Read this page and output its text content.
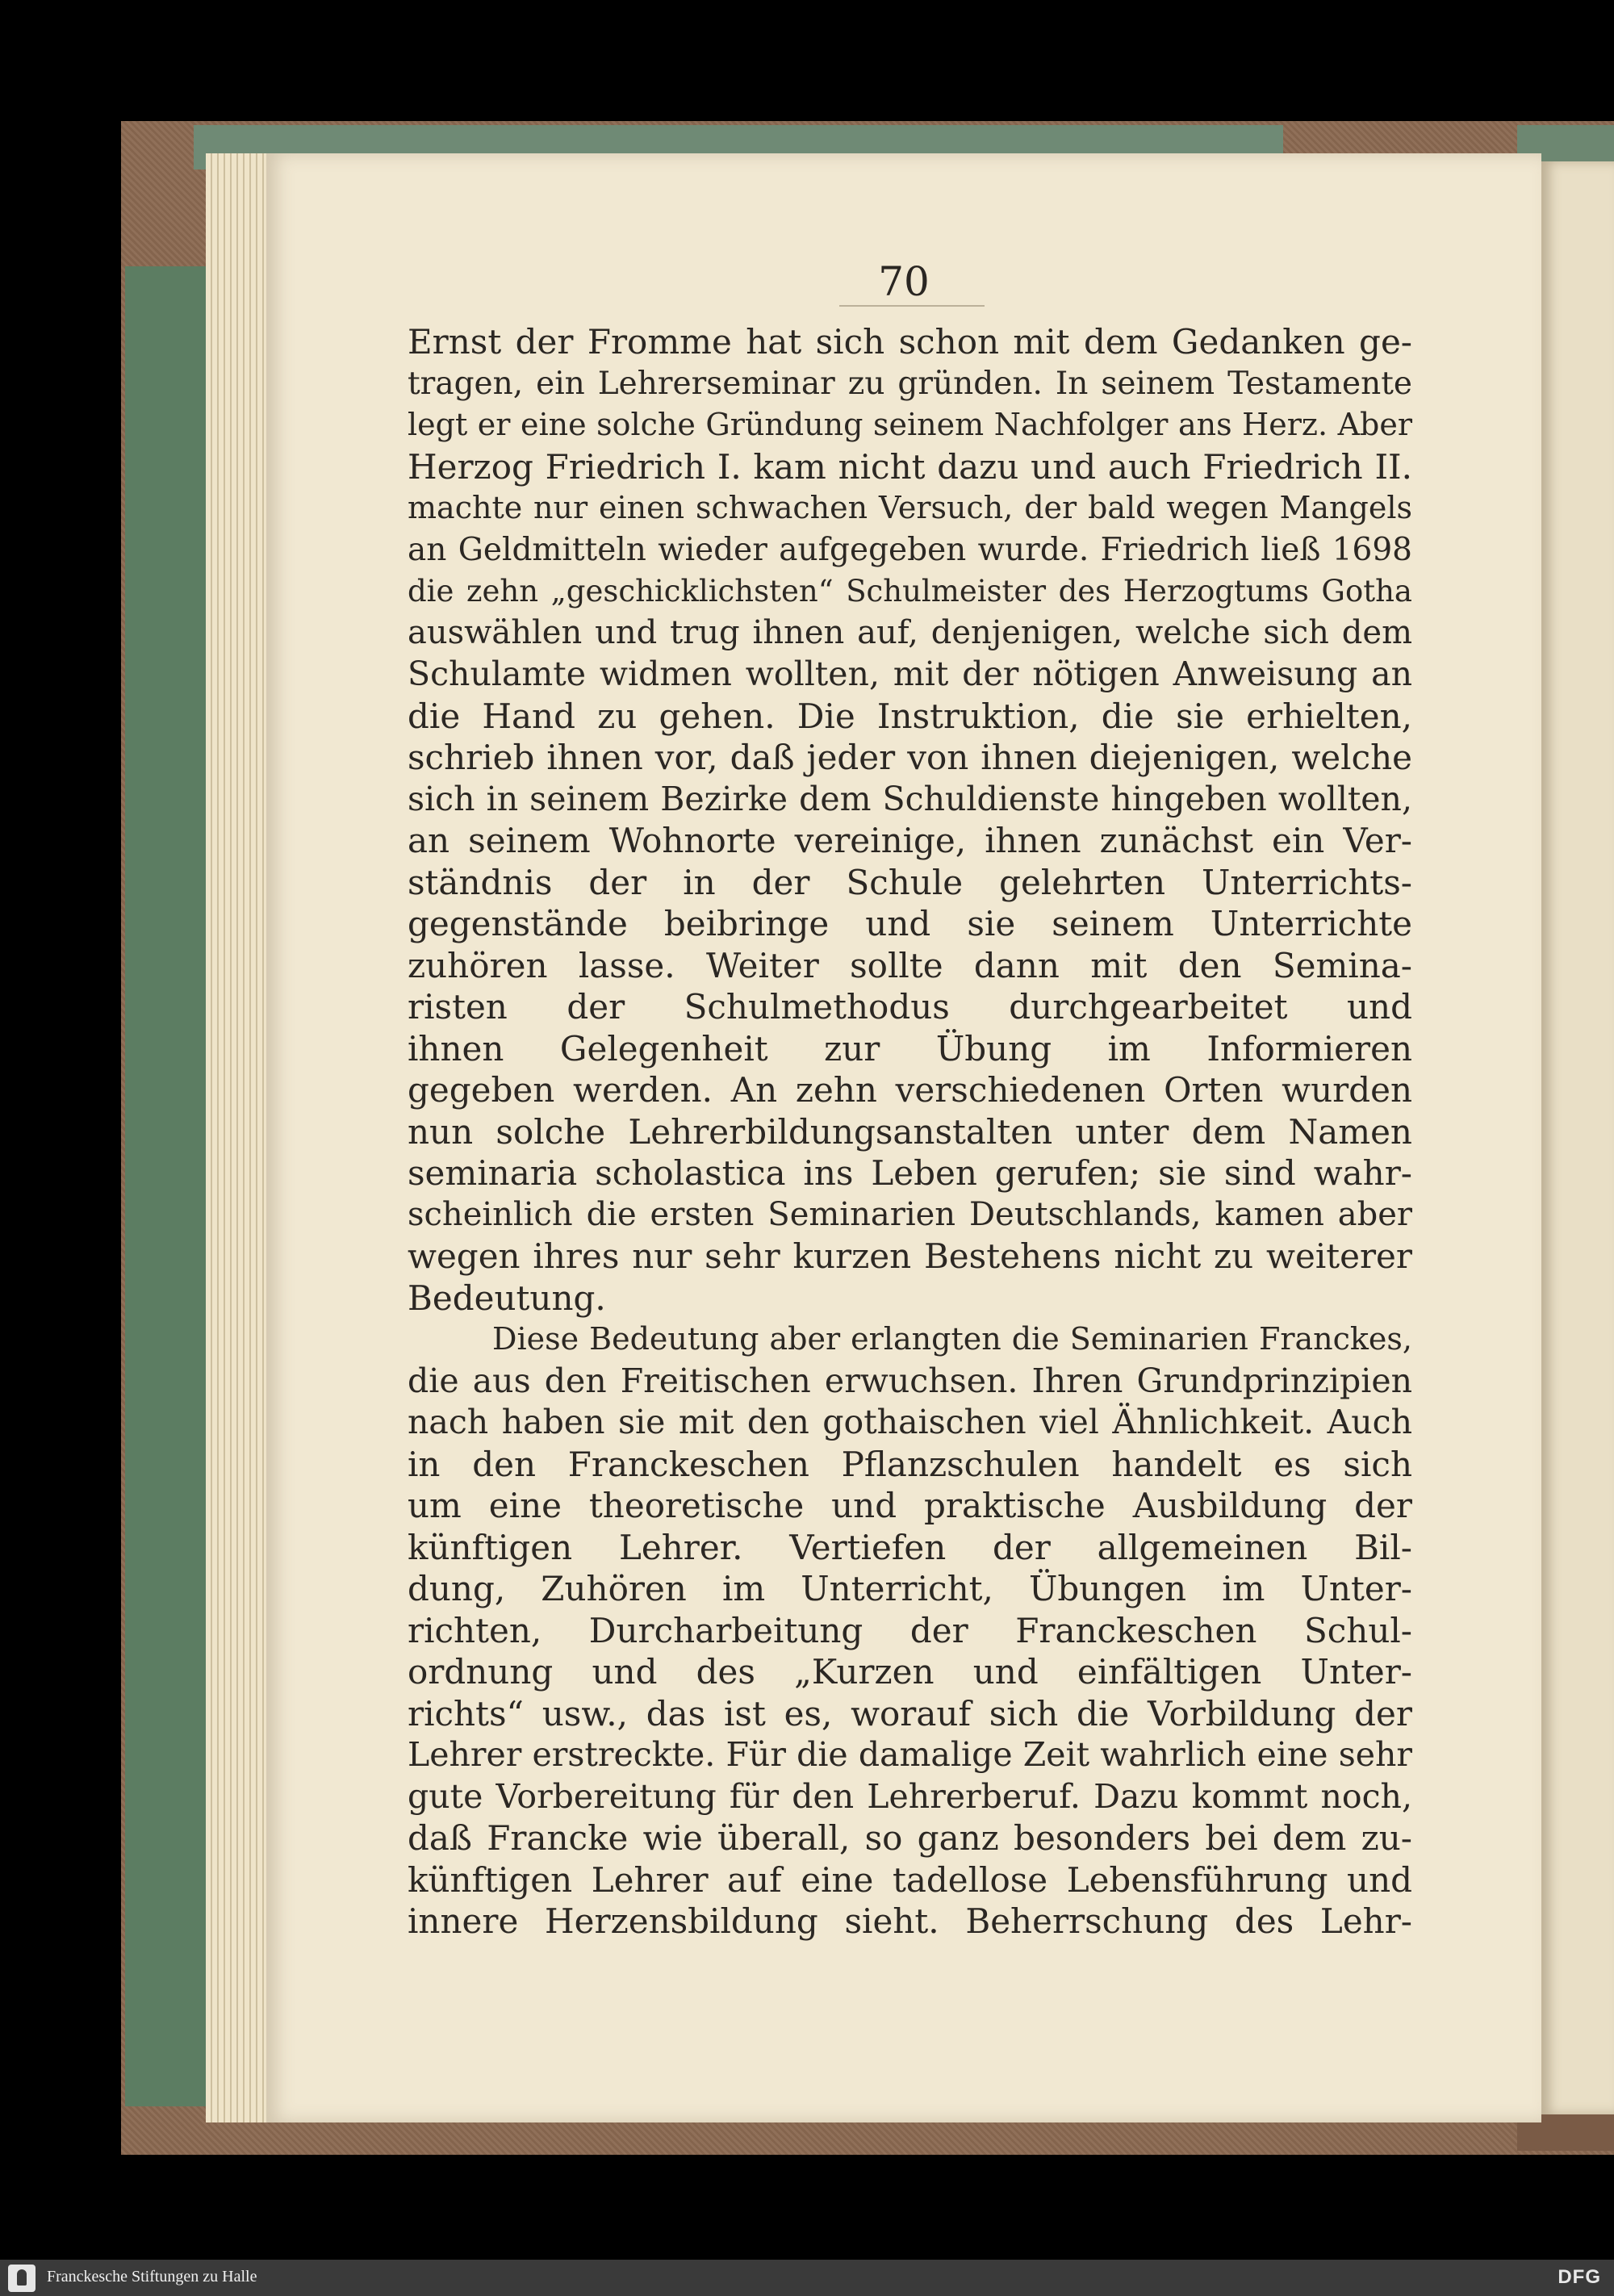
70
Ernst der Fromme hat sich schon mit dem Gedanken ge-
tragen, ein Lehrerseminar zu gründen. In seinem Testamente
legt er eine solche Gründung seinem Nachfolger ans Herz. Aber
Herzog Friedrich I. kam nicht dazu und auch Friedrich II.
machte nur einen schwachen Versuch, der bald wegen Mangels
an Geldmitteln wieder aufgegeben wurde. Friedrich ließ 1698
die zehn „geschicklichsten“ Schulmeister des Herzogtums Gotha
auswählen und trug ihnen auf, denjenigen, welche sich dem
Schulamte widmen wollten, mit der nötigen Anweisung an
die Hand zu gehen. Die Instruktion, die sie erhielten,
schrieb ihnen vor, daß jeder von ihnen diejenigen, welche
sich in seinem Bezirke dem Schuldienste hingeben wollten,
an seinem Wohnorte vereinige, ihnen zunächst ein Ver-
ständnis der in der Schule gelehrten Unterrichts-
gegenstände beibringe und sie seinem Unterrichte
zuhören lasse. Weiter sollte dann mit den Semina-
risten der Schulmethodus durchgearbeitet und
ihnen Gelegenheit zur Übung im Informieren
gegeben werden. An zehn verschiedenen Orten wurden
nun solche Lehrerbildungsanstalten unter dem Namen
seminaria scholastica ins Leben gerufen; sie sind wahr-
scheinlich die ersten Seminarien Deutschlands, kamen aber
wegen ihres nur sehr kurzen Bestehens nicht zu weiterer
Bedeutung.
Diese Bedeutung aber erlangten die Seminarien Franckes,
die aus den Freitischen erwuchsen. Ihren Grundprinzipien
nach haben sie mit den gothaischen viel Ähnlichkeit. Auch
in den Franckeschen Pflanzschulen handelt es sich
um eine theoretische und praktische Ausbildung der
künftigen Lehrer. Vertiefen der allgemeinen Bil-
dung, Zuhören im Unterricht, Übungen im Unter-
richten, Durcharbeitung der Franckeschen Schul-
ordnung und des „Kurzen und einfältigen Unter-
richts“ usw., das ist es, worauf sich die Vorbildung der
Lehrer erstreckte. Für die damalige Zeit wahrlich eine sehr
gute Vorbereitung für den Lehrerberuf. Dazu kommt noch,
daß Francke wie überall, so ganz besonders bei dem zu-
künftigen Lehrer auf eine tadellose Lebensführung und
innere Herzensbildung sieht. Beherrschung des Lehr-
Franckesche Stiftungen zu Halle	DFG
